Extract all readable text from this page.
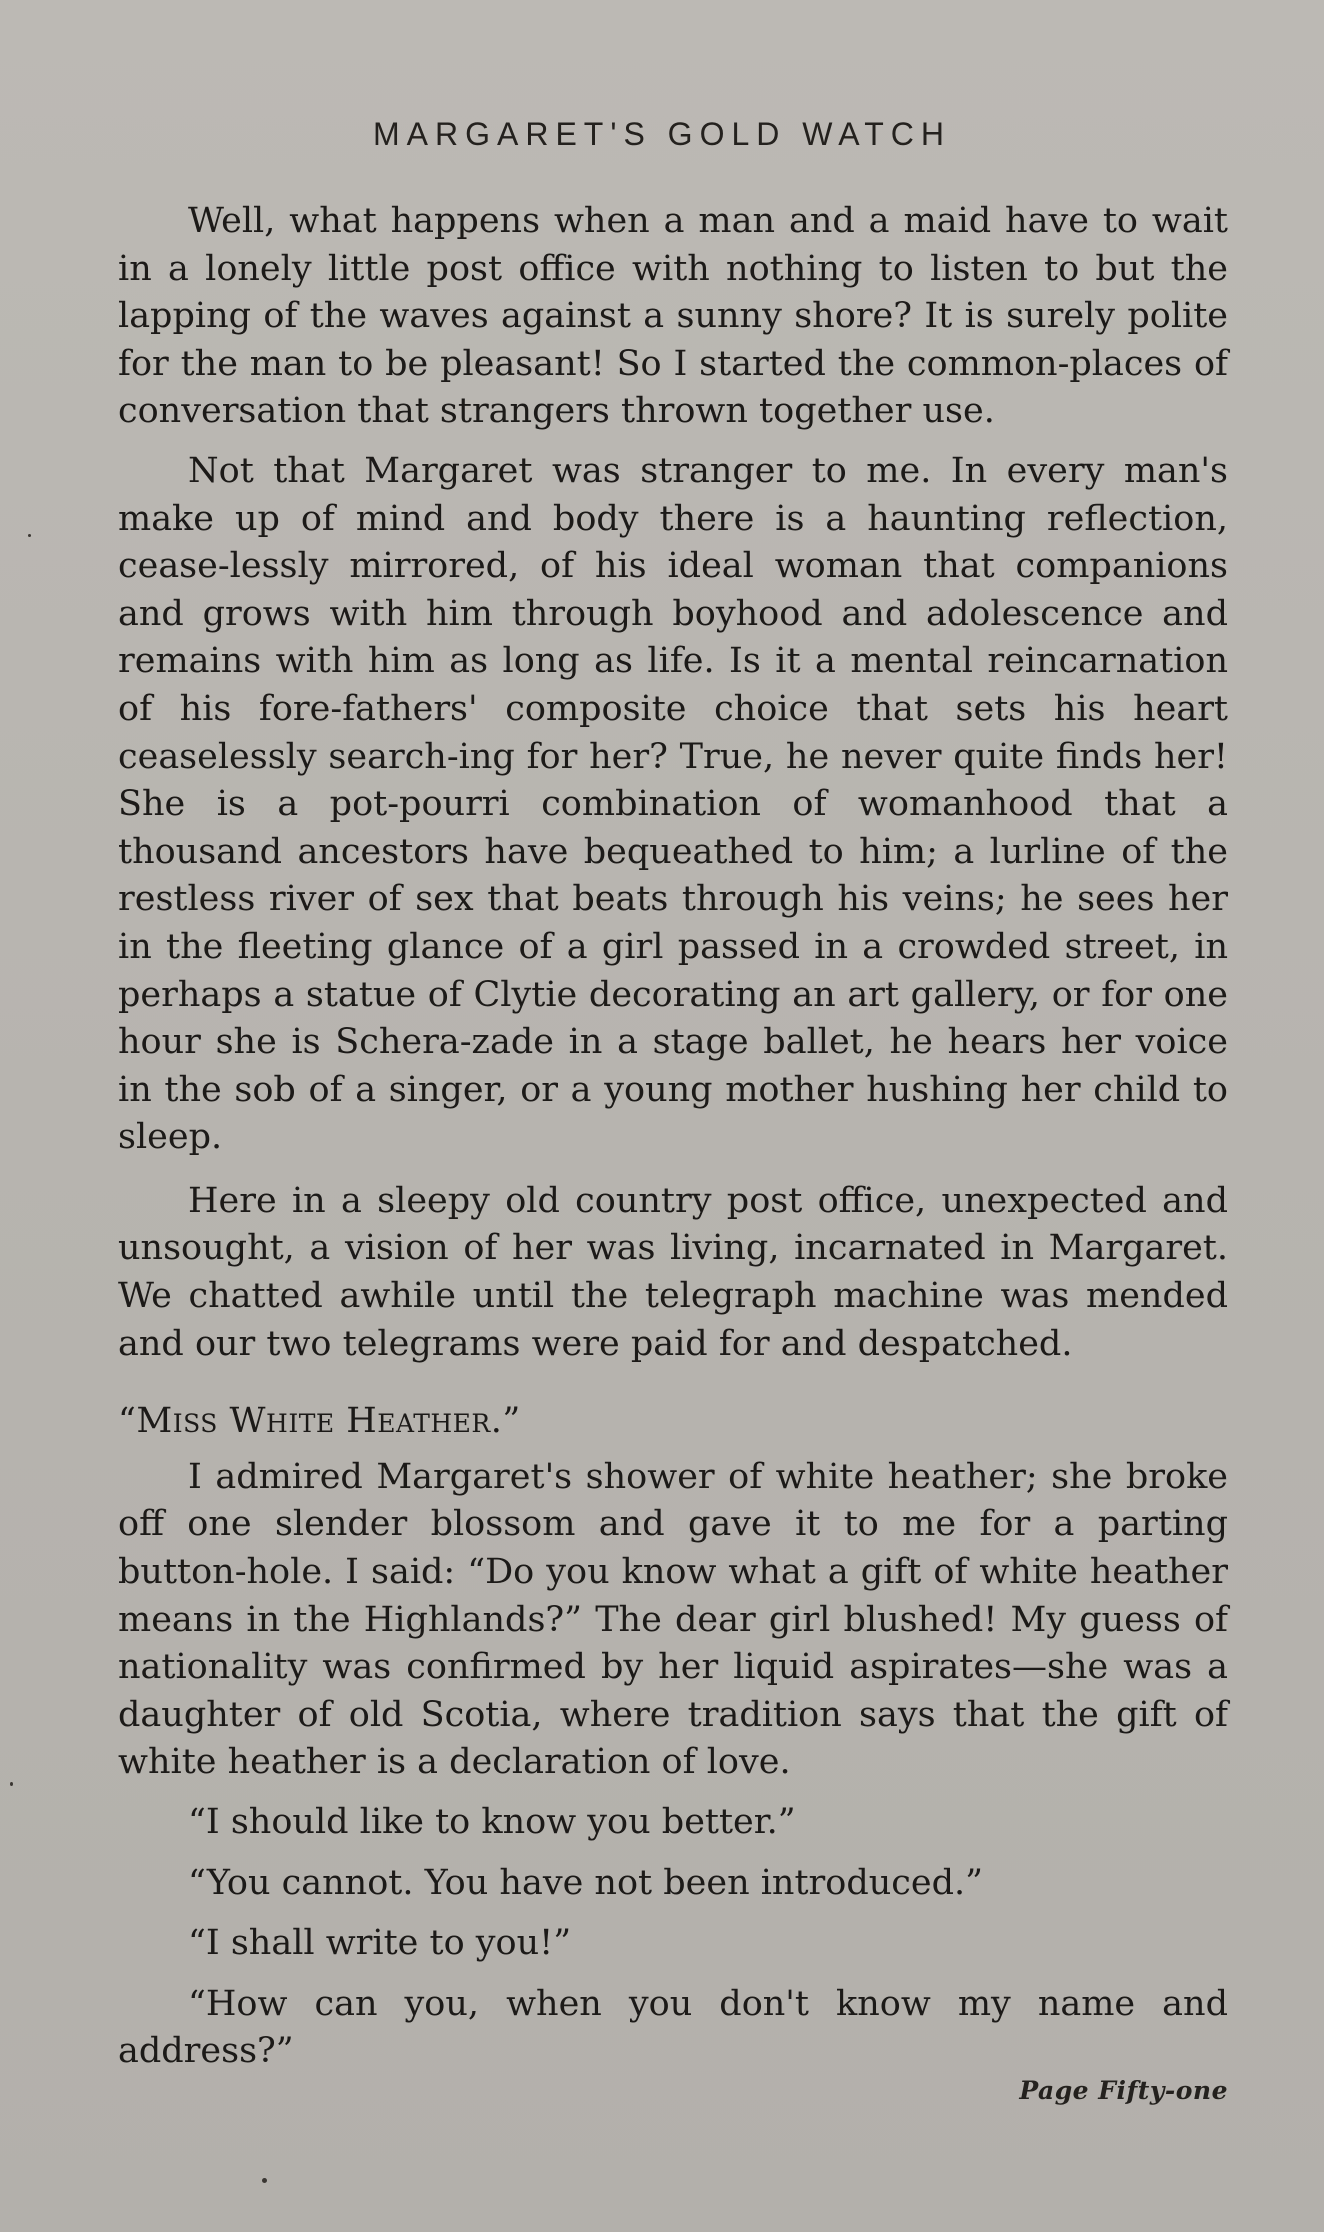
MARGARET'S GOLD WATCH

Well, what happens when a man and a maid have to wait in a lonely little post office with nothing to listen to but the lapping of the waves against a sunny shore? It is surely polite for the man to be pleasant! So I started the common-places of conversation that strangers thrown together use.

Not that Margaret was stranger to me. In every man's make up of mind and body there is a haunting reflection, cease-lessly mirrored, of his ideal woman that companions and grows with him through boyhood and adolescence and remains with him as long as life. Is it a mental reincarnation of his fore-fathers' composite choice that sets his heart ceaselessly search-ing for her? True, he never quite finds her! She is a pot-pourri combination of womanhood that a thousand ancestors have bequeathed to him; a lurline of the restless river of sex that beats through his veins; he sees her in the fleeting glance of a girl passed in a crowded street, in perhaps a statue of Clytie decorating an art gallery, or for one hour she is Schera-zade in a stage ballet, he hears her voice in the sob of a singer, or a young mother hushing her child to sleep.

Here in a sleepy old country post office, unexpected and unsought, a vision of her was living, incarnated in Margaret. We chatted awhile until the telegraph machine was mended and our two telegrams were paid for and despatched.

“Miss White Heather.”

I admired Margaret's shower of white heather; she broke off one slender blossom and gave it to me for a parting button-hole. I said: “Do you know what a gift of white heather means in the Highlands?” The dear girl blushed! My guess of nationality was confirmed by her liquid aspirates—she was a daughter of old Scotia, where tradition says that the gift of white heather is a declaration of love.

“I should like to know you better.”

“You cannot. You have not been introduced.”

“I shall write to you!”

“How can you, when you don't know my name and address?”

Page Fifty-one
